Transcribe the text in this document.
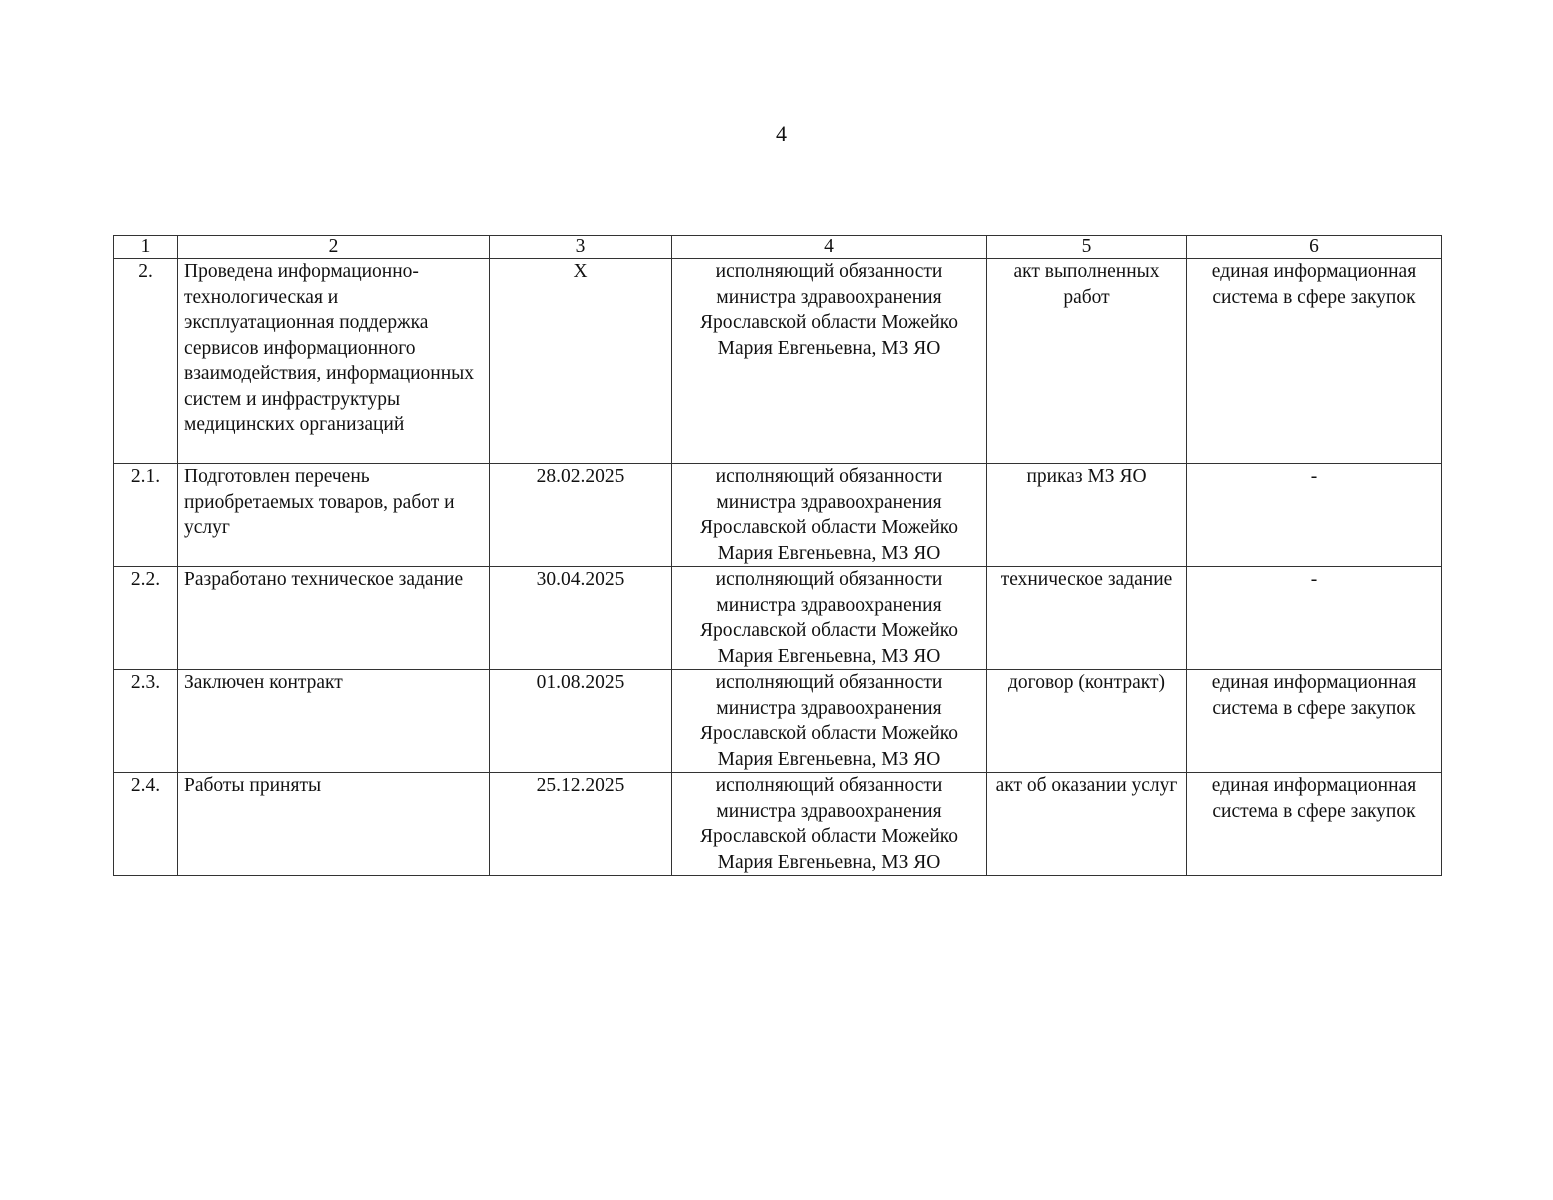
4
1	2	3	4	5	6
2.	Проведена информационно-технологическая и эксплуатационная поддержка сервисов информационного взаимодействия, информационных систем и инфраструктуры медицинских организаций	Х	исполняющий обязанности министра здравоохранения Ярославской области Можейко Мария Евгеньевна, МЗ ЯО	акт выполненных работ	единая информационная система в сфере закупок
2.1.	Подготовлен перечень приобретаемых товаров, работ и услуг	28.02.2025	исполняющий обязанности министра здравоохранения Ярославской области Можейко Мария Евгеньевна, МЗ ЯО	приказ МЗ ЯО	-
2.2.	Разработано техническое задание	30.04.2025	исполняющий обязанности министра здравоохранения Ярославской области Можейко Мария Евгеньевна, МЗ ЯО	техническое задание	-
2.3.	Заключен контракт	01.08.2025	исполняющий обязанности министра здравоохранения Ярославской области Можейко Мария Евгеньевна, МЗ ЯО	договор (контракт)	единая информационная система в сфере закупок
2.4.	Работы приняты	25.12.2025	исполняющий обязанности министра здравоохранения Ярославской области Можейко Мария Евгеньевна, МЗ ЯО	акт об оказании услуг	единая информационная система в сфере закупок
